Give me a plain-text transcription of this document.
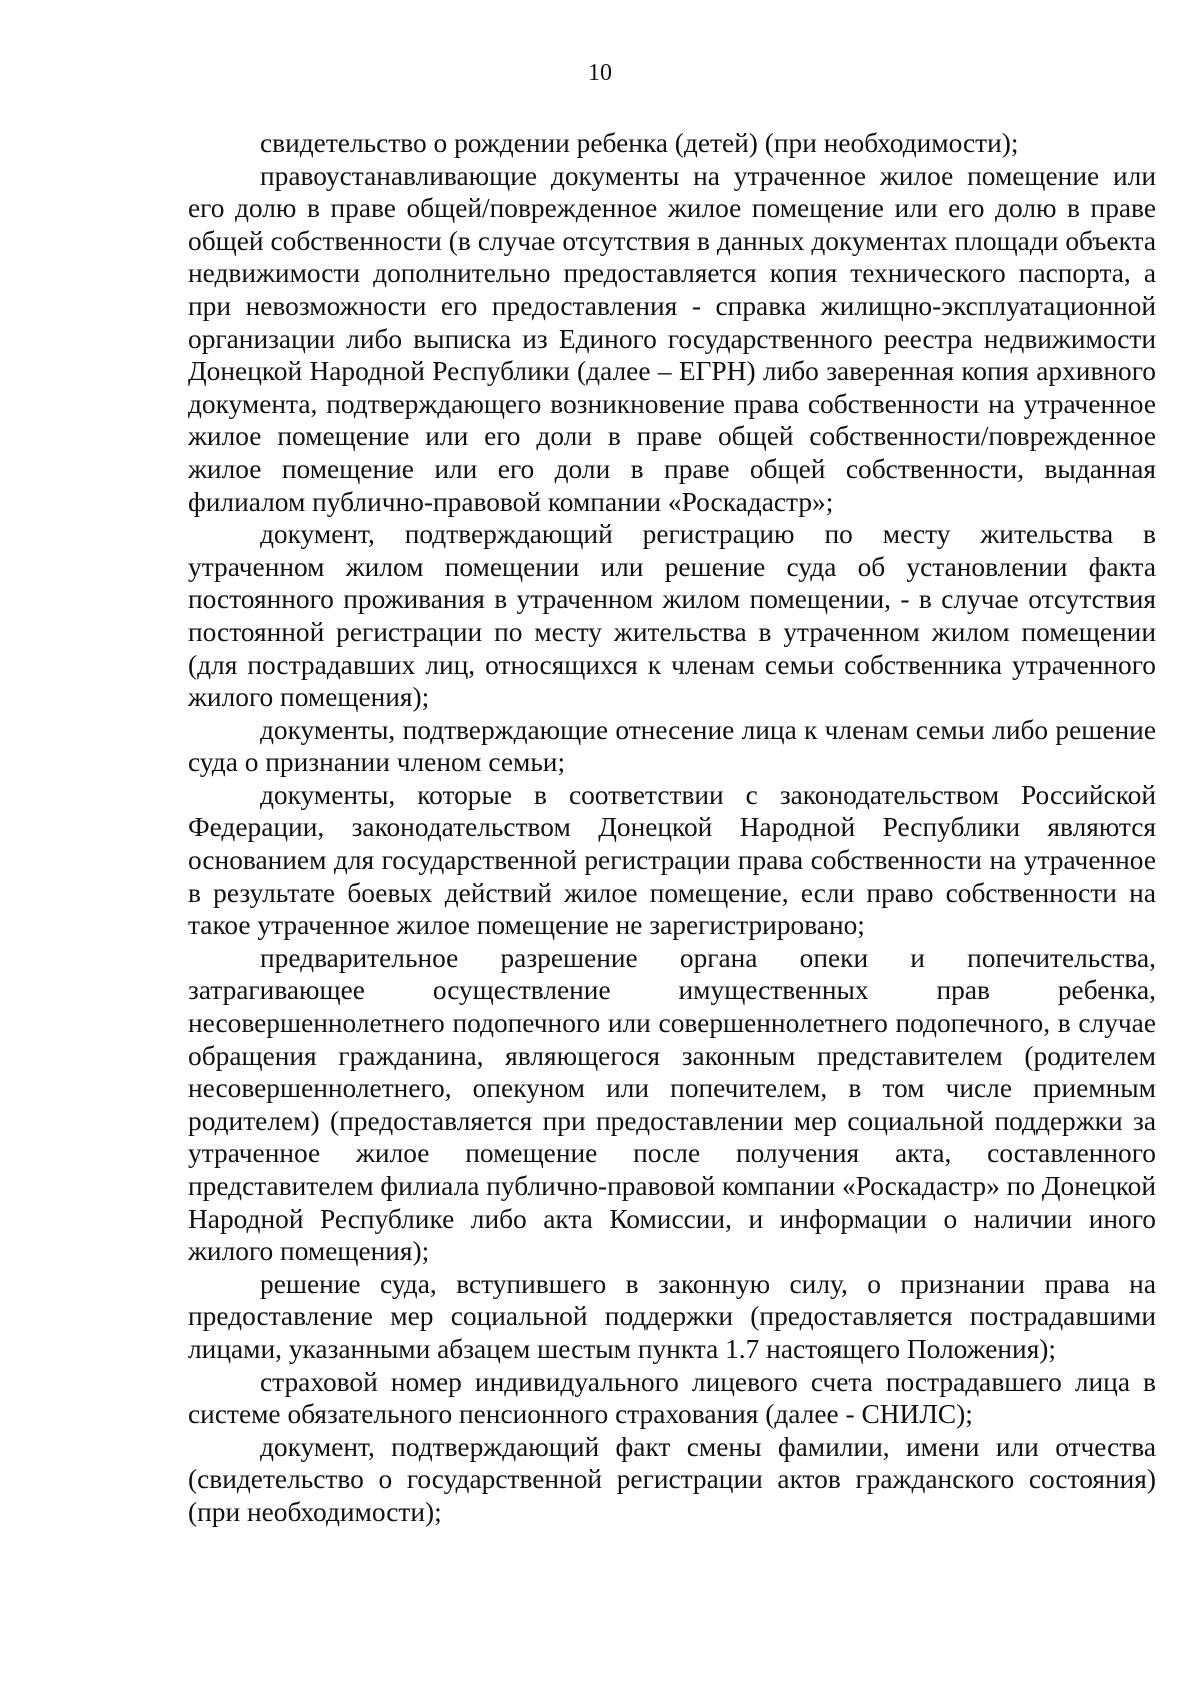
10

свидетельство о рождении ребенка (детей) (при необходимости);

правоустанавливающие документы на утраченное жилое помещение или его долю в праве общей/поврежденное жилое помещение или его долю в праве общей собственности (в случае отсутствия в данных документах площади объекта недвижимости дополнительно предоставляется копия технического паспорта, а при невозможности его предоставления - справка жилищно-эксплуатационной организации либо выписка из Единого государственного реестра недвижимости Донецкой Народной Республики (далее – ЕГРН) либо заверенная копия архивного документа, подтверждающего возникновение права собственности на утраченное жилое помещение или его доли в праве общей собственности/поврежденное жилое помещение или его доли в праве общей собственности, выданная филиалом публично-правовой компании «Роскадастр»;

документ, подтверждающий регистрацию по месту жительства в утраченном жилом помещении или решение суда об установлении факта постоянного проживания в утраченном жилом помещении, - в случае отсутствия постоянной регистрации по месту жительства в утраченном жилом помещении (для пострадавших лиц, относящихся к членам семьи собственника утраченного жилого помещения);

документы, подтверждающие отнесение лица к членам семьи либо решение суда о признании членом семьи;

документы, которые в соответствии с законодательством Российской Федерации, законодательством Донецкой Народной Республики являются основанием для государственной регистрации права собственности на утраченное в результате боевых действий жилое помещение, если право собственности на такое утраченное жилое помещение не зарегистрировано;

предварительное разрешение органа опеки и попечительства, затрагивающее осуществление имущественных прав ребенка, несовершеннолетнего подопечного или совершеннолетнего подопечного, в случае обращения гражданина, являющегося законным представителем (родителем несовершеннолетнего, опекуном или попечителем, в том числе приемным родителем) (предоставляется при предоставлении мер социальной поддержки за утраченное жилое помещение после получения акта, составленного представителем филиала публично-правовой компании «Роскадастр» по Донецкой Народной Республике либо акта Комиссии, и информации о наличии иного жилого помещения);

решение суда, вступившего в законную силу, о признании права на предоставление мер социальной поддержки (предоставляется пострадавшими лицами, указанными абзацем шестым пункта 1.7 настоящего Положения);

страховой номер индивидуального лицевого счета пострадавшего лица в системе обязательного пенсионного страхования (далее - СНИЛС);

документ, подтверждающий факт смены фамилии, имени или отчества (свидетельство о государственной регистрации актов гражданского состояния) (при необходимости);
